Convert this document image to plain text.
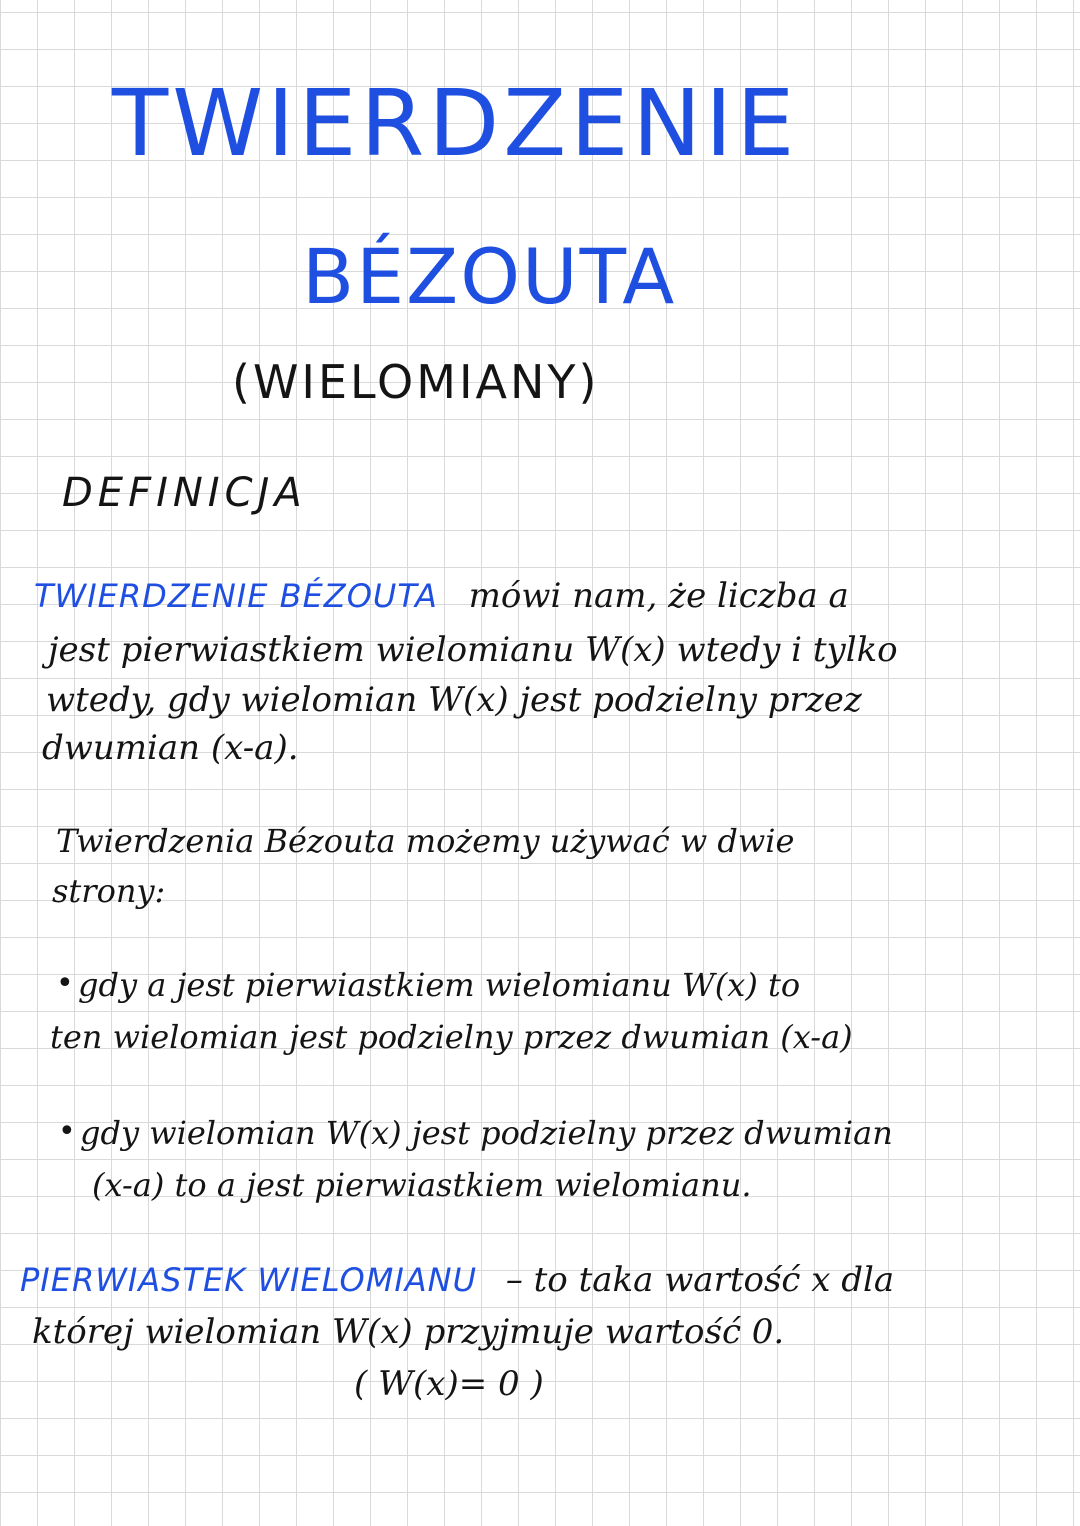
TWIERDZENIE
BÉZOUTA
(WIELOMIANY)
DEFINICJA
TWIERDZENIE BÉZOUTA mówi nam, że liczba a
jest pierwiastkiem wielomianu W(x) wtedy i tylko
wtedy, gdy wielomian W(x) jest podzielny przez
dwumian (x-a).
Twierdzenia Bézouta możemy używać w dwie
strony:
• gdy a jest pierwiastkiem wielomianu W(x) to
ten wielomian jest podzielny przez dwumian (x-a)
• gdy wielomian W(x) jest podzielny przez dwumian
(x-a) to a jest pierwiastkiem wielomianu.
PIERWIASTEK WIELOMIANU – to taka wartość x dla
której wielomian W(x) przyjmuje wartość 0.
( W(x)= 0 )
